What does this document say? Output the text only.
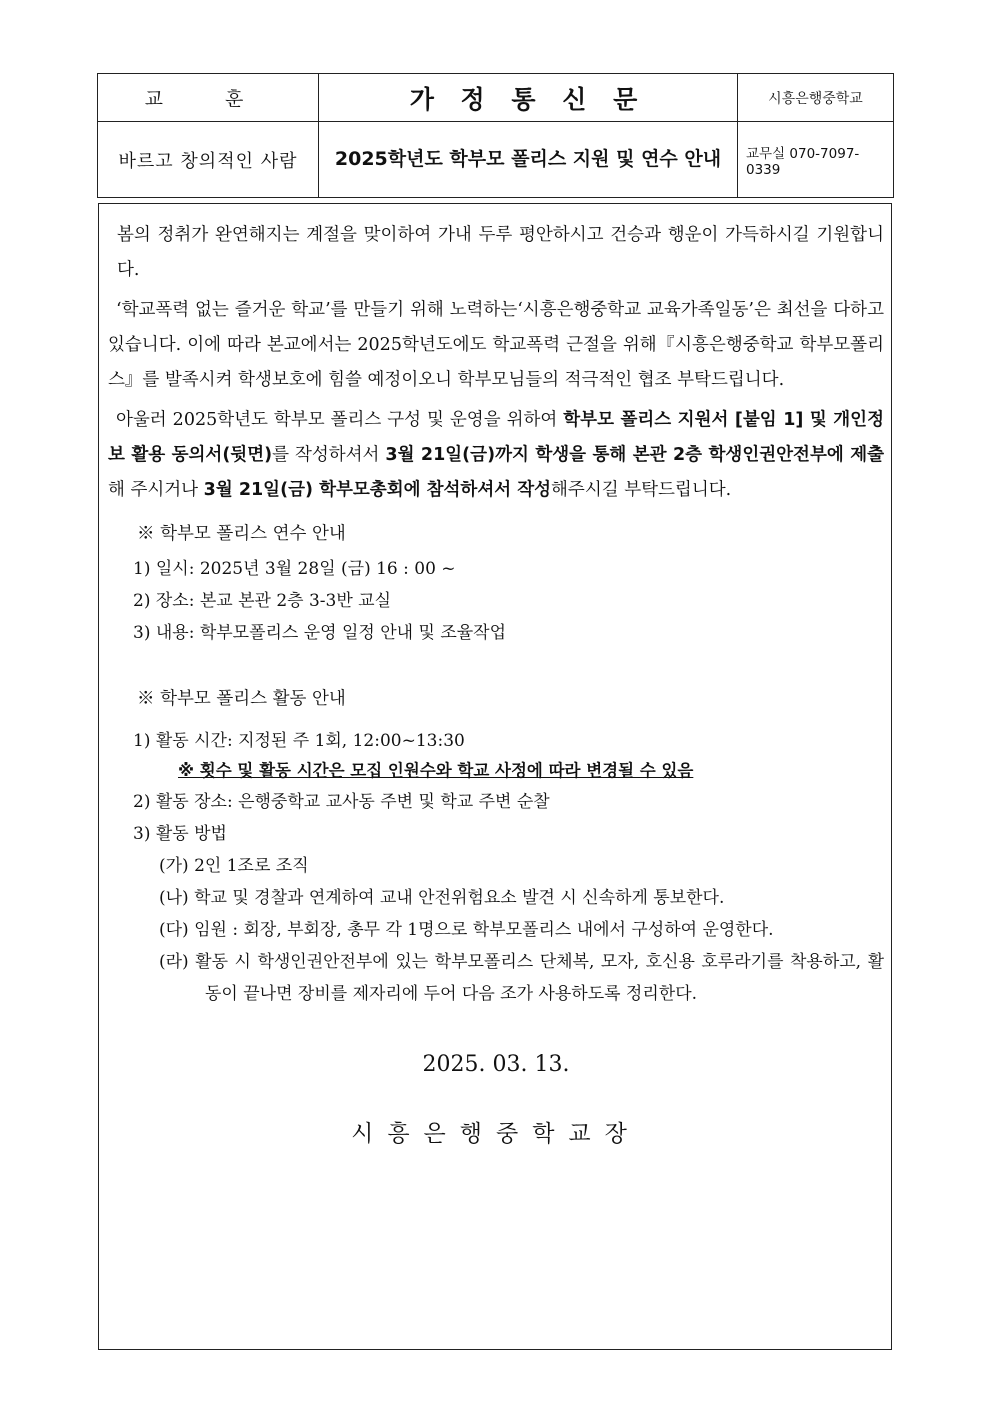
교 훈	가 정 통 신 문	시흥은행중학교
바르고 창의적인 사람	2025학년도 학부모 폴리스 지원 및 연수 안내	교무실 070-7097-0339

봄의 정취가 완연해지는 계절을 맞이하여 가내 두루 평안하시고 건승과 행운이 가득하시길 기원합니다.

‘학교폭력 없는 즐거운 학교’를 만들기 위해 노력하는‘시흥은행중학교 교육가족일동’은 최선을 다하고 있습니다. 이에 따라 본교에서는 2025학년도에도 학교폭력 근절을 위해『시흥은행중학교 학부모폴리스』를 발족시켜 학생보호에 힘쓸 예정이오니 학부모님들의 적극적인 협조 부탁드립니다.

아울러 2025학년도 학부모 폴리스 구성 및 운영을 위하여 학부모 폴리스 지원서 [붙임 1] 및 개인정보 활용 동의서(뒷면)를 작성하셔서 3월 21일(금)까지 학생을 통해 본관 2층 학생인권안전부에 제출해 주시거나 3월 21일(금) 학부모총회에 참석하셔서 작성해주시길 부탁드립니다.

※ 학부모 폴리스 연수 안내

1) 일시: 2025년 3월 28일 (금) 16 : 00 ~

2) 장소: 본교 본관 2층 3-3반 교실

3) 내용: 학부모폴리스 운영 일정 안내 및 조율작업

※ 학부모 폴리스 활동 안내

1) 활동 시간: 지정된 주 1회, 12:00~13:30

※ 횟수 및 활동 시간은 모집 인원수와 학교 사정에 따라 변경될 수 있음

2) 활동 장소: 은행중학교 교사동 주변 및 학교 주변 순찰

3) 활동 방법

(가) 2인 1조로 조직

(나) 학교 및 경찰과 연계하여 교내 안전위험요소 발견 시 신속하게 통보한다.

(다) 임원 : 회장, 부회장, 총무 각 1명으로 학부모폴리스 내에서 구성하여 운영한다.

(라) 활동 시 학생인권안전부에 있는 학부모폴리스 단체복, 모자, 호신용 호루라기를 착용하고, 활동이 끝나면 장비를 제자리에 두어 다음 조가 사용하도록 정리한다.

2025. 03. 13.

시흥은행중학교장
